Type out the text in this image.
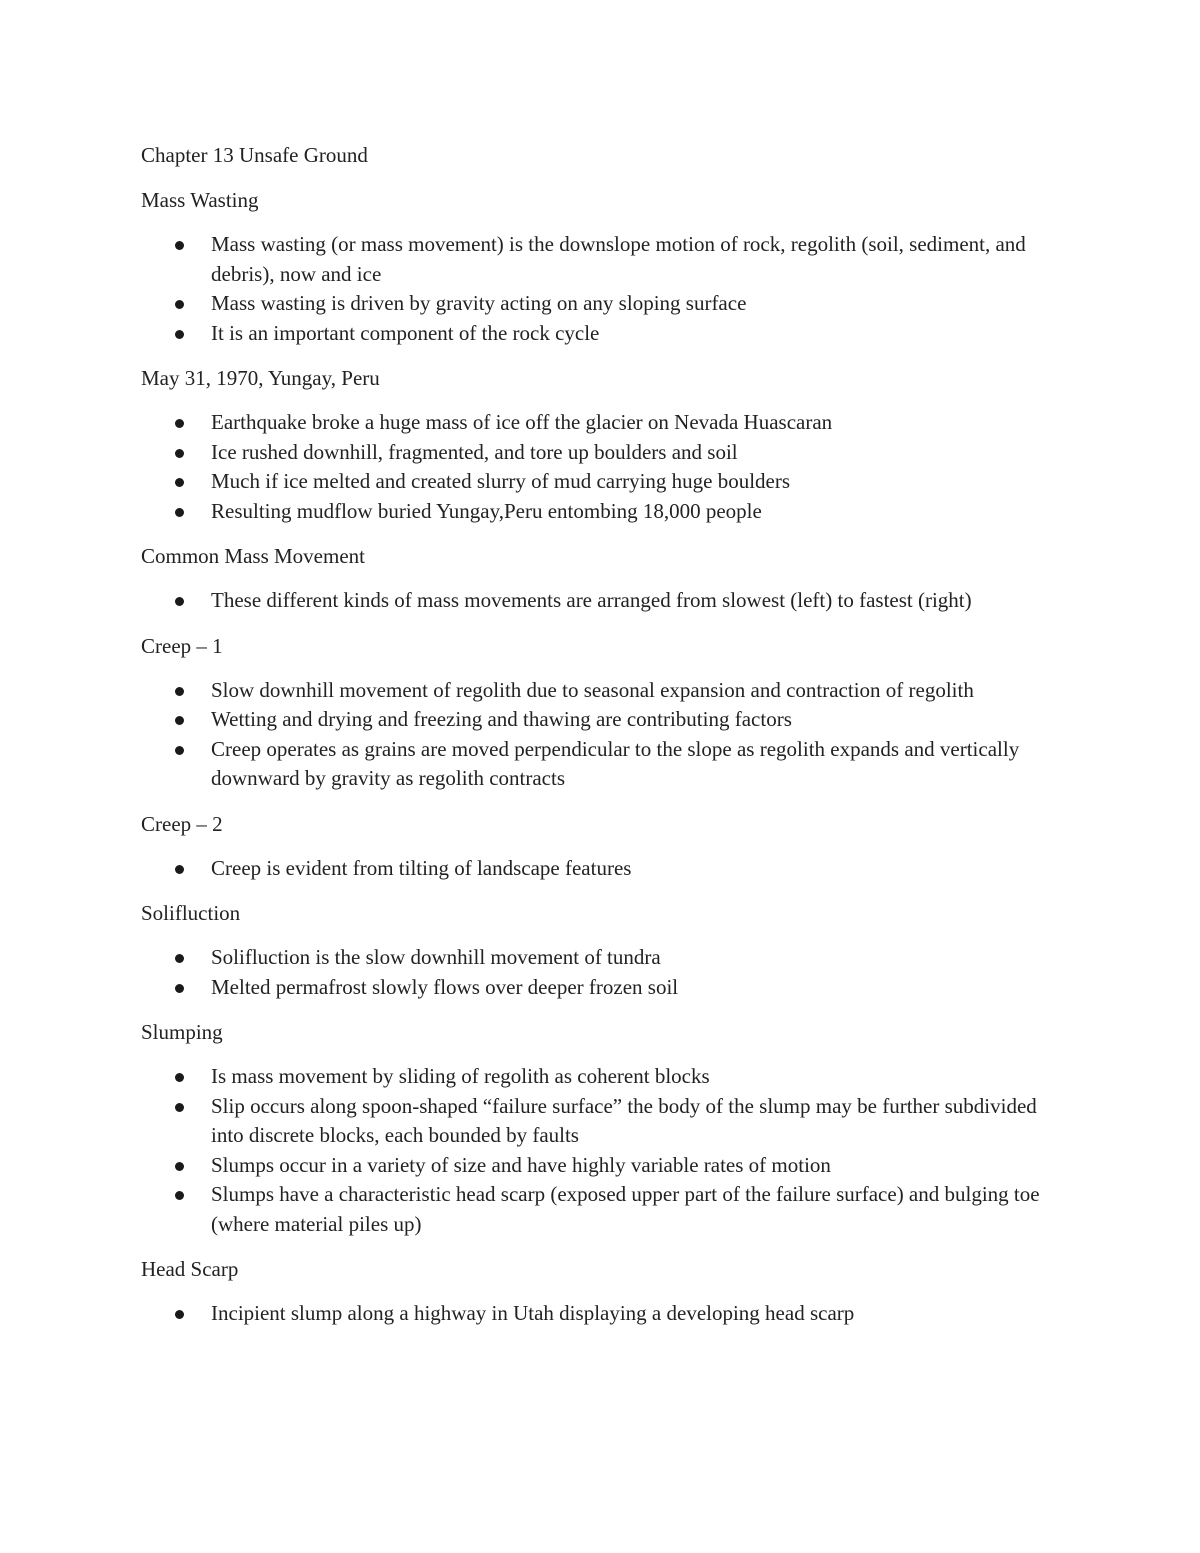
Chapter 13 Unsafe Ground

Mass Wasting

Mass wasting (or mass movement) is the downslope motion of rock, regolith (soil, sediment, and debris), now and ice
Mass wasting is driven by gravity acting on any sloping surface
It is an important component of the rock cycle

May 31, 1970, Yungay, Peru

Earthquake broke a huge mass of ice off the glacier on Nevada Huascaran
Ice rushed downhill, fragmented, and tore up boulders and soil
Much if ice melted and created slurry of mud carrying huge boulders
Resulting mudflow buried Yungay,Peru entombing 18,000 people

Common Mass Movement

These different kinds of mass movements are arranged from slowest (left) to fastest (right)

Creep – 1

Slow downhill movement of regolith due to seasonal expansion and contraction of regolith
Wetting and drying and freezing and thawing are contributing factors
Creep operates as grains are moved perpendicular to the slope as regolith expands and vertically downward by gravity as regolith contracts

Creep – 2

Creep is evident from tilting of landscape features

Solifluction

Solifluction is the slow downhill movement of tundra
Melted permafrost slowly flows over deeper frozen soil

Slumping

Is mass movement by sliding of regolith as coherent blocks
Slip occurs along spoon-shaped “failure surface” the body of the slump may be further subdivided into discrete blocks, each bounded by faults
Slumps occur in a variety of size and have highly variable rates of motion
Slumps have a characteristic head scarp (exposed upper part of the failure surface) and bulging toe (where material piles up)

Head Scarp

Incipient slump along a highway in Utah displaying a developing head scarp
